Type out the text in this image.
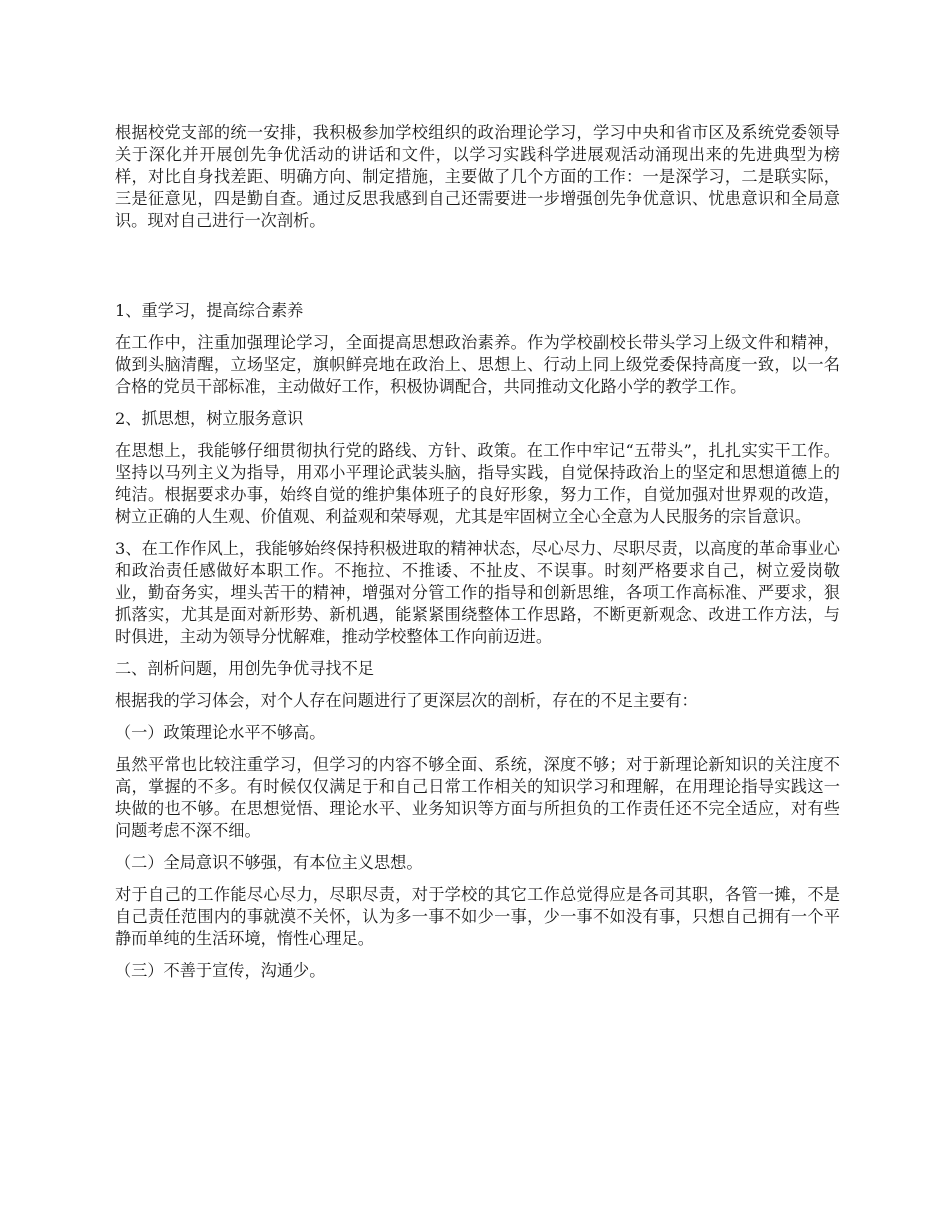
根据校党支部的统一安排，我积极参加学校组织的政治理论学习，学习中央和省市区及系统党委领导关于深化并开展创先争优活动的讲话和文件，以学习实践科学进展观活动涌现出来的先进典型为榜样，对比自身找差距、明确方向、制定措施，主要做了几个方面的工作：一是深学习，二是联实际，三是征意见，四是勤自查。通过反思我感到自己还需要进一步增强创先争优意识、忧患意识和全局意识。现对自己进行一次剖析。

1、重学习，提高综合素养

在工作中，注重加强理论学习，全面提高思想政治素养。作为学校副校长带头学习上级文件和精神，做到头脑清醒，立场坚定，旗帜鲜亮地在政治上、思想上、行动上同上级党委保持高度一致，以一名合格的党员干部标准，主动做好工作，积极协调配合，共同推动文化路小学的教学工作。

2、抓思想，树立服务意识

在思想上，我能够仔细贯彻执行党的路线、方针、政策。在工作中牢记“五带头”，扎扎实实干工作。坚持以马列主义为指导，用邓小平理论武装头脑，指导实践，自觉保持政治上的坚定和思想道德上的纯洁。根据要求办事，始终自觉的维护集体班子的良好形象，努力工作，自觉加强对世界观的改造，树立正确的人生观、价值观、利益观和荣辱观，尤其是牢固树立全心全意为人民服务的宗旨意识。

3、在工作作风上，我能够始终保持积极进取的精神状态，尽心尽力、尽职尽责，以高度的革命事业心和政治责任感做好本职工作。不拖拉、不推诿、不扯皮、不误事。时刻严格要求自己，树立爱岗敬业，勤奋务实，埋头苦干的精神，增强对分管工作的指导和创新思维，各项工作高标准、严要求，狠抓落实，尤其是面对新形势、新机遇，能紧紧围绕整体工作思路，不断更新观念、改进工作方法，与时俱进，主动为领导分忧解难，推动学校整体工作向前迈进。

二、剖析问题，用创先争优寻找不足

根据我的学习体会，对个人存在问题进行了更深层次的剖析，存在的不足主要有：

（一）政策理论水平不够高。

虽然平常也比较注重学习，但学习的内容不够全面、系统，深度不够；对于新理论新知识的关注度不高，掌握的不多。有时候仅仅满足于和自己日常工作相关的知识学习和理解，在用理论指导实践这一块做的也不够。在思想觉悟、理论水平、业务知识等方面与所担负的工作责任还不完全适应，对有些问题考虑不深不细。

（二）全局意识不够强，有本位主义思想。

对于自己的工作能尽心尽力，尽职尽责，对于学校的其它工作总觉得应是各司其职，各管一摊，不是自己责任范围内的事就漠不关怀，认为多一事不如少一事，少一事不如没有事，只想自己拥有一个平静而单纯的生活环境，惰性心理足。

（三）不善于宣传，沟通少。
